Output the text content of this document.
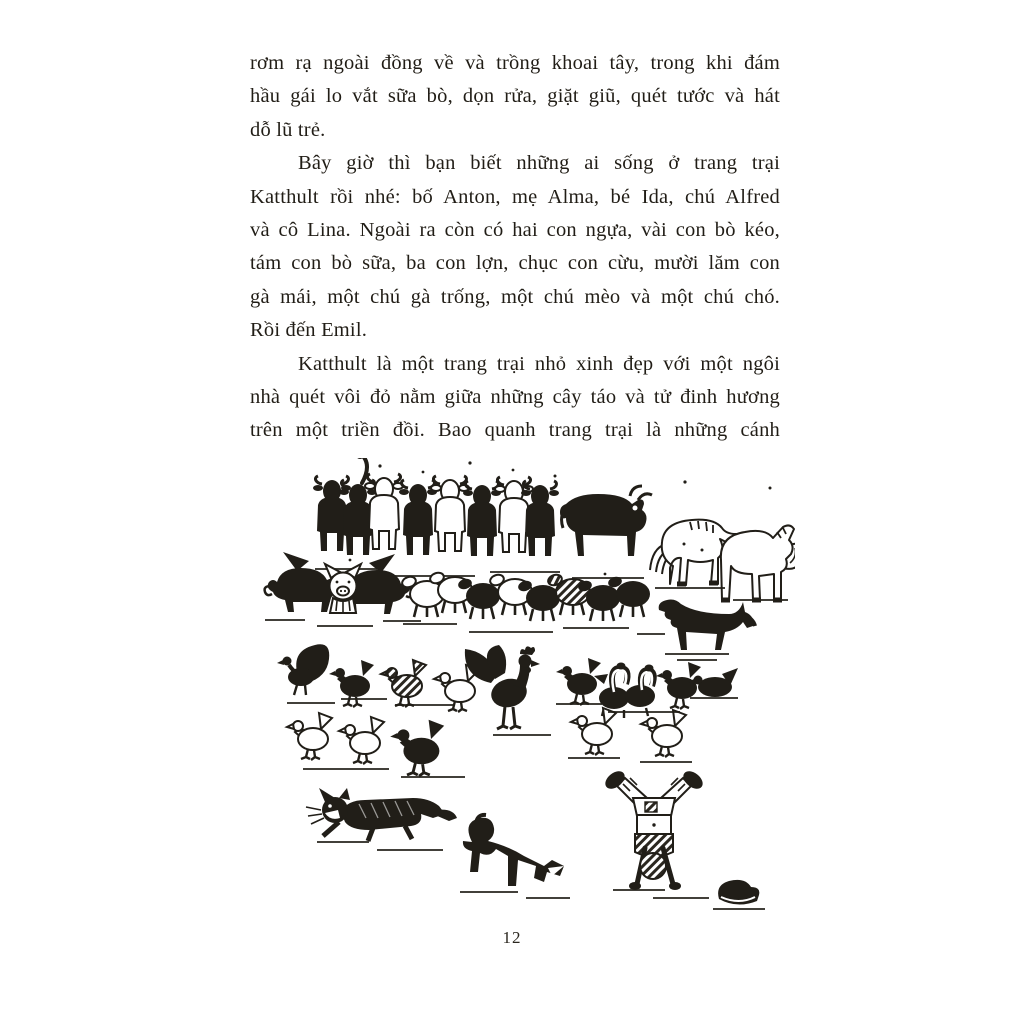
rơm rạ ngoài đồng về và trồng khoai tây, trong khi đám
hầu gái lo vắt sữa bò, dọn rửa, giặt giũ, quét tước và hát
dỗ lũ trẻ.
Bây giờ thì bạn biết những ai sống ở trang trại
Katthult rồi nhé: bố Anton, mẹ Alma, bé Ida, chú Alfred
và cô Lina. Ngoài ra còn có hai con ngựa, vài con bò kéo,
tám con bò sữa, ba con lợn, chục con cừu, mười lăm con
gà mái, một chú gà trống, một chú mèo và một chú chó.
Rồi đến Emil.
Katthult là một trang trại nhỏ xinh đẹp với một ngôi
nhà quét vôi đỏ nằm giữa những cây táo và tử đinh hương
trên một triền đồi. Bao quanh trang trại là những cánh
12
